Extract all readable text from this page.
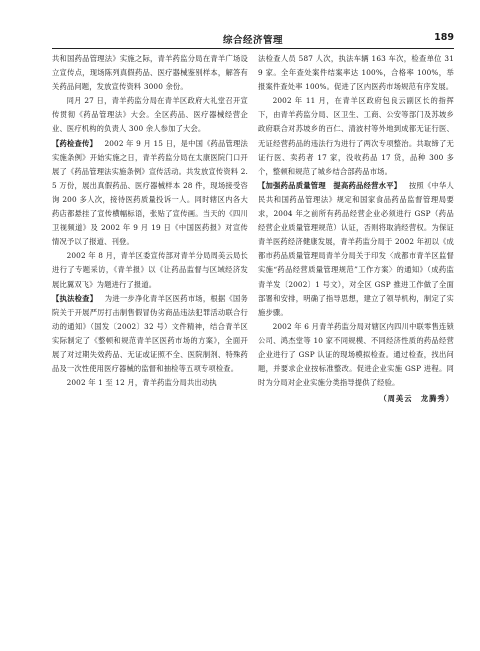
综合经济管理	189

共和国药品管理法》实施之际，青羊药监分局在青羊广场设立宣传点，现场陈列真假药品、医疗器械鉴别样本，解答有关药品问题，发放宣传资料 3000 余份。

同月 27 日，青羊药监分局在青羊区政府大礼堂召开宣传贯彻《药品管理法》大会。全区药品、医疗器械经营企业、医疗机构的负责人 300 余人参加了大会。

【药检查传】  2002 年 9 月 15 日，是中国《药品管理法实施条例》开始实施之日，青羊药监分局在太康医院门口开展了《药品管理法实施条例》宣传活动。共发放宣传资料 2.5 万份，展出真假药品、医疗器械样本 28 件，现场接受咨询 200 多人次，接待医药质量投诉一人。同时辖区内各大药店都悬挂了宣传横幅标语，张贴了宣传画。当天的《四川卫视频道》及 2002 年 9 月 19 日《中国医药报》对宣传情况予以了报道、刊登。

2002 年 8 月，青羊区委宣传部对青羊分局周美云局长进行了专题采访，《青羊报》以《让药品监督与区域经济发展比翼双飞》为题进行了报道。

【执法检查】  为进一步净化青羊区医药市场，根据《国务院关于开展严厉打击制售假冒伪劣商品违法犯罪活动联合行动的通知》（国发〔2002〕32 号）文件精神，结合青羊区实际制定了《整顿和规范青羊区医药市场的方案》，全面开展了对过期失效药品、无证或证照不全、医院制剂、特殊药品及一次性使用医疗器械的监督和抽检等五项专项检查。

2002 年 1 至 12 月，青羊药监分局共出动执

法检查人员 587 人次，执法车辆 163 车次，检查单位 319 家。全年查处案件结案率达 100%，合格率 100%，举报案件查处率 100%。促进了区内医药市场规范有序发展。

2002 年 11 月，在青羊区政府包良云副区长的指挥下，由青羊药监分局、区卫生、工商、公安等部门及苏坡乡政府联合对苏坡乡的百仁、清波村等外地到成都无证行医、无证经营药品的违法行为进行了两次专项整治。共取缔了无证行医、卖药者 17 家，没收药品 17 货，品种 300 多个，整顿和规范了城乡结合部药品市场。

【加强药品质量管理　提高药品经营水平】  按照《中华人民共和国药品管理法》规定和国家食品药品监督管理局要求，2004 年之前所有药品经营企业必须进行 GSP（药品经营企业质量管理规范）认证，否则将取消经营权。为保证青羊医药经济健康发展，青羊药监分局于 2002 年初以《成都市药品质量管理局青羊分局关于印发〈成都市青羊区监督实施“药品经营质量管理规范”工作方案〉的通知》（成药监青羊发〔2002〕1 号文），对全区 GSP 推进工作做了全面部署和安排，明确了指导思想，建立了领导机构，制定了实施步骤。

2002 年 6 月青羊药监分局对辖区内四川中联零售连锁公司、鸿杰堂等 10 家不同规模、不同经济性质的药品经营企业进行了 GSP 认证的现场模拟检查。通过检查，找出问题，并要求企业按标准整改。促进企业实施 GSP 进程。同时为分局对企业实施分类指导提供了经验。

（周美云　龙腾秀）
